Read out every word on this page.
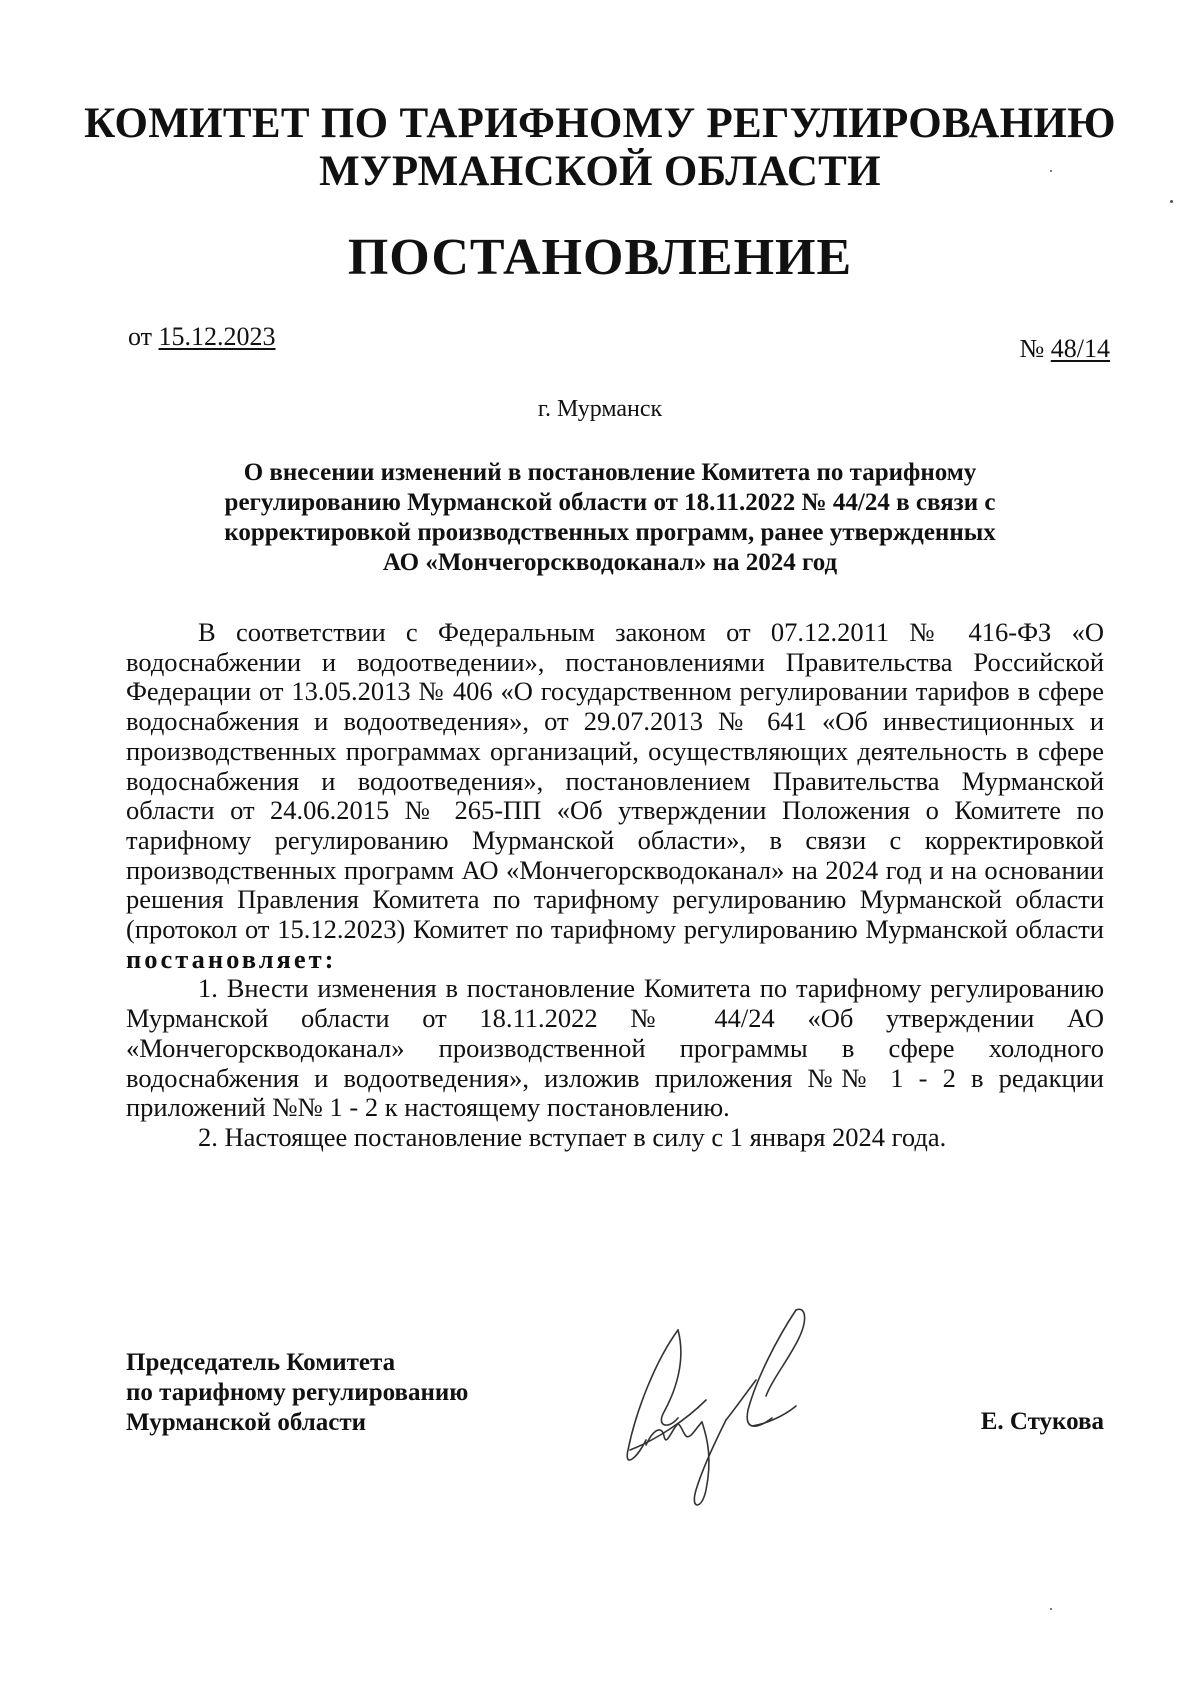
КОМИТЕТ ПО ТАРИФНОМУ РЕГУЛИРОВАНИЮ
МУРМАНСКОЙ ОБЛАСТИ
ПОСТАНОВЛЕНИЕ
от 15.12.2023	№ 48/14
г. Мурманск
О внесении изменений в постановление Комитета по тарифному
регулированию Мурманской области от 18.11.2022 № 44/24 в связи с
корректировкой производственных программ, ранее утвержденных
АО «Мончегорскводоканал» на 2024 год

В соответствии с Федеральным законом от 07.12.2011 № 416-ФЗ «О водоснабжении и водоотведении», постановлениями Правительства Российской Федерации от 13.05.2013 № 406 «О государственном регулировании тарифов в сфере водоснабжения и водоотведения», от 29.07.2013 № 641 «Об инвестиционных и производственных программах организаций, осуществляющих деятельность в сфере водоснабжения и водоотведения», постановлением Правительства Мурманской области от 24.06.2015 № 265-ПП «Об утверждении Положения о Комитете по тарифному регулированию Мурманской области», в связи с корректировкой производственных программ АО «Мончегорскводоканал» на 2024 год и на основании решения Правления Комитета по тарифному регулированию Мурманской области (протокол от 15.12.2023) Комитет по тарифному регулированию Мурманской области постановляет:

1. Внести изменения в постановление Комитета по тарифному регулированию Мурманской области от 18.11.2022 № 44/24 «Об утверждении АО «Мончегорскводоканал» производственной программы в сфере холодного водоснабжения и водоотведения», изложив приложения №№ 1 - 2 в редакции приложений №№ 1 - 2 к настоящему постановлению.

2. Настоящее постановление вступает в силу с 1 января 2024 года.

Председатель Комитета
по тарифному регулированию
Мурманской области	Е. Стукова
